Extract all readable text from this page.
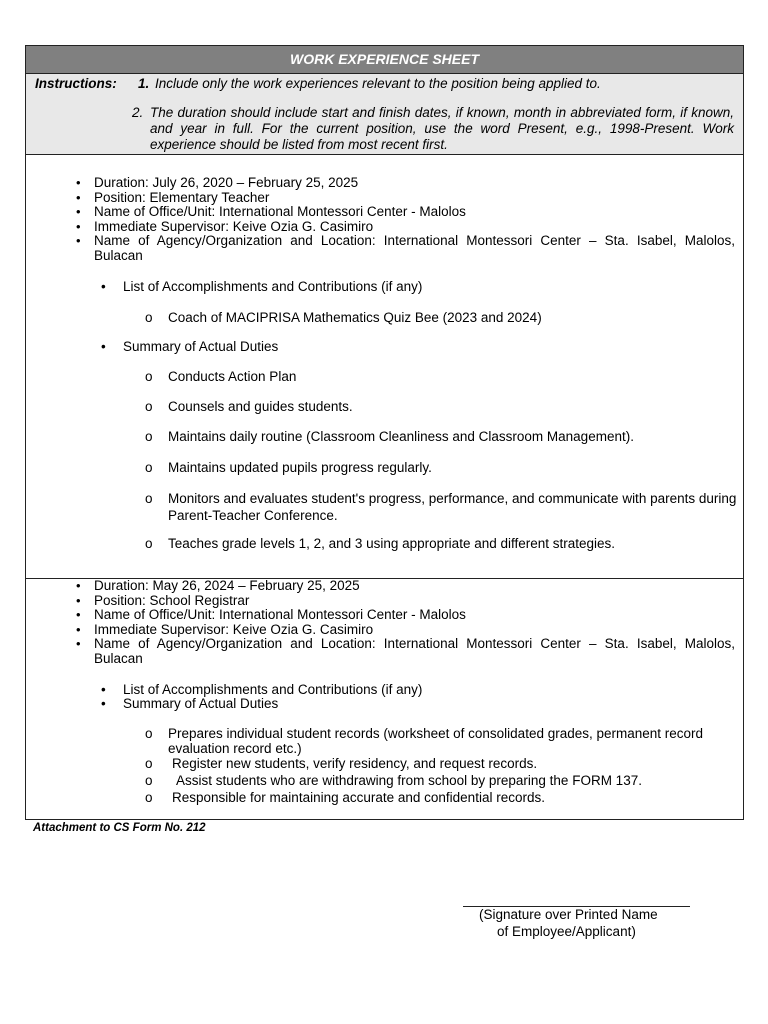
WORK EXPERIENCE SHEET
Instructions: 1. Include only the work experiences relevant to the position being applied to.
2. The duration should include start and finish dates, if known, month in abbreviated form, if known, and year in full. For the current position, use the word Present, e.g., 1998-Present. Work experience should be listed from most recent first.
• Duration: July 26, 2020 – February 25, 2025
• Position: Elementary Teacher
• Name of Office/Unit: International Montessori Center - Malolos
• Immediate Supervisor: Keive Ozia G. Casimiro
• Name of Agency/Organization and Location: International Montessori Center – Sta. Isabel, Malolos, Bulacan
• List of Accomplishments and Contributions (if any)
o Coach of MACIPRISA Mathematics Quiz Bee (2023 and 2024)
• Summary of Actual Duties
o Conducts Action Plan
o Counsels and guides students.
o Maintains daily routine (Classroom Cleanliness and Classroom Management).
o Maintains updated pupils progress regularly.
o Monitors and evaluates student's progress, performance, and communicate with parents during Parent-Teacher Conference.
o Teaches grade levels 1, 2, and 3 using appropriate and different strategies.
• Duration: May 26, 2024 – February 25, 2025
• Position: School Registrar
• Name of Office/Unit: International Montessori Center - Malolos
• Immediate Supervisor: Keive Ozia G. Casimiro
• Name of Agency/Organization and Location: International Montessori Center – Sta. Isabel, Malolos, Bulacan
• List of Accomplishments and Contributions (if any)
• Summary of Actual Duties
o Prepares individual student records (worksheet of consolidated grades, permanent record evaluation record etc.)
o Register new students, verify residency, and request records.
o Assist students who are withdrawing from school by preparing the FORM 137.
o Responsible for maintaining accurate and confidential records.
Attachment to CS Form No. 212
(Signature over Printed Name
of Employee/Applicant)
